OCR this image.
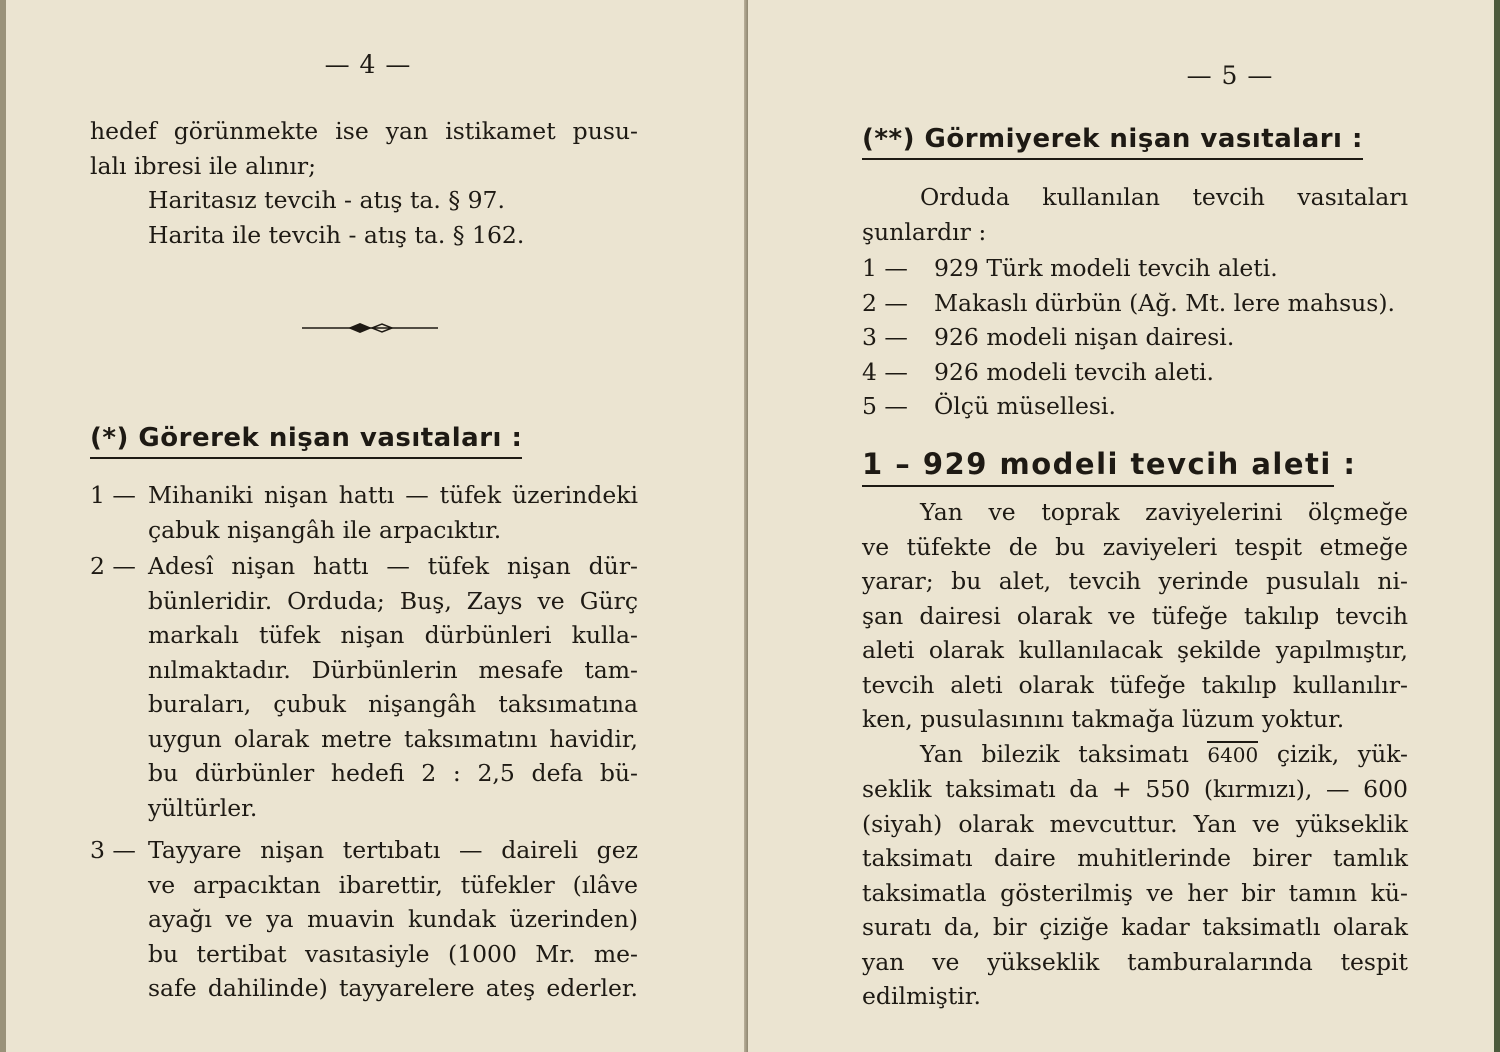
— 4 —
hedef görünmekte ise yan istikamet pusu-
lalı ibresi ile alınır;
Haritasız tevcih - atış ta. § 97.
Harita ile tevcih - atış ta. § 162.
(*) Görerek nişan vasıtaları :
1 — Mihaniki nişan hattı — tüfek üzerindeki
çabuk nişangâh ile arpacıktır.
2 — Adesî nişan hattı — tüfek nişan dür-
bünleridir. Orduda; Buş, Zays ve Gürç
markalı tüfek nişan dürbünleri kulla-
nılmaktadır. Dürbünlerin mesafe tam-
buraları, çubuk nişangâh taksımatına
uygun olarak metre taksımatını havidir,
bu dürbünler hedefi 2 : 2,5 defa bü-
yültürler.
3 — Tayyare nişan tertıbatı — daireli gez
ve arpacıktan ibarettir, tüfekler (ılâve
ayağı ve ya muavin kundak üzerinden)
bu tertibat vasıtasiyle (1000 Mr. me-
safe dahilinde) tayyarelere ateş ederler.
— 5 —
(**) Görmiyerek nişan vasıtaları :
Orduda kullanılan tevcih vasıtaları
şunlardır :
1 — 929 Türk modeli tevcih aleti.
2 — Makaslı dürbün (Ağ. Mt. lere mahsus).
3 — 926 modeli nişan dairesi.
4 — 926 modeli tevcih aleti.
5 — Ölçü müsellesi.
1 – 929 modeli tevcih aleti :
Yan ve toprak zaviyelerini ölçmeğe
ve tüfekte de bu zaviyeleri tespit etmeğe
yarar; bu alet, tevcih yerinde pusulalı ni-
şan dairesi olarak ve tüfeğe takılıp tevcih
aleti olarak kullanılacak şekilde yapılmıştır,
tevcih aleti olarak tüfeğe takılıp kullanılır-
ken, pusulasınını takmağa lüzum yoktur.
Yan bilezik taksimatı 6400 çizik, yük-
seklik taksimatı da + 550 (kırmızı), — 600
(siyah) olarak mevcuttur. Yan ve yükseklik
taksimatı daire muhitlerinde birer tamlık
taksimatla gösterilmiş ve her bir tamın kü-
suratı da, bir çiziğe kadar taksimatlı olarak
yan ve yükseklik tamburalarında tespit
edilmiştir.
